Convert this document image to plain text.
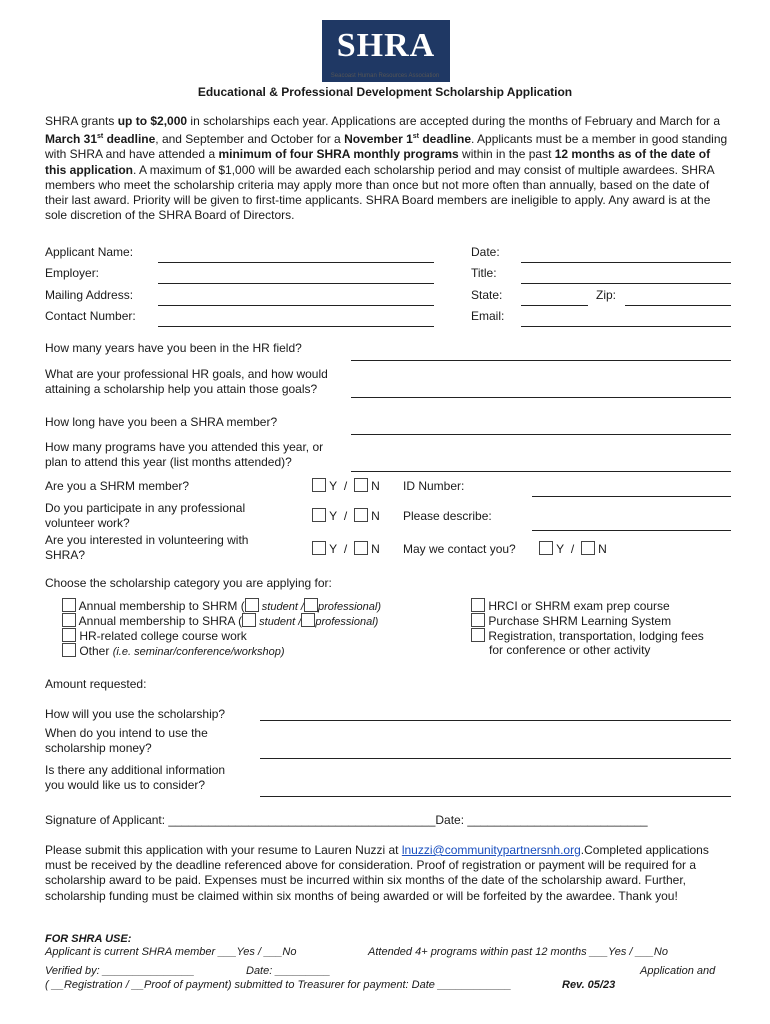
SHRA
Seacoast Human Resources Association
Educational & Professional Development Scholarship Application
SHRA grants up to $2,000 in scholarships each year. Applications are accepted during the months of February and March for a March 31st deadline, and September and October for a November 1st deadline. Applicants must be a member in good standing with SHRA and have attended a minimum of four SHRA monthly programs within in the past 12 months as of the date of this application. A maximum of $1,000 will be awarded each scholarship period and may consist of multiple awardees. SHRA members who meet the scholarship criteria may apply more than once but not more often than annually, based on the date of their last award. Priority will be given to first-time applicants. SHRA Board members are ineligible to apply. Any award is at the sole discretion of the SHRA Board of Directors.
Applicant Name:	Date:
Employer:	Title:
Mailing Address:	State:	Zip:
Contact Number:	Email:
How many years have you been in the HR field?
What are your professional HR goals, and how would
attaining a scholarship help you attain those goals?
How long have you been a SHRA member?
How many programs have you attended this year, or
plan to attend this year (list months attended)?
Are you a SHRM member?	Y / N ID Number:
Do you participate in any professional
volunteer work?	Y / N Please describe:
Are you interested in volunteering with
SHRA?	Y / N May we contact you?	Y / N
Choose the scholarship category you are applying for:
Annual membership to SHRM ( student / professional)
Annual membership to SHRA ( student / professional)
HR-related college course work
Other (i.e. seminar/conference/workshop)
HRCI or SHRM exam prep course
Purchase SHRM Learning System
Registration, transportation, lodging fees
for conference or other activity
Amount requested:
How will you use the scholarship?
When do you intend to use the
scholarship money?
Is there any additional information
you would like us to consider?
Signature of Applicant: ________________________________________Date: ___________________________
Please submit this application with your resume to Lauren Nuzzi at lnuzzi@communitypartnersnh.org.Completed applications must be received by the deadline referenced above for consideration. Proof of registration or payment will be required for a scholarship award to be paid. Expenses must be incurred within six months of the date of the scholarship award. Further, scholarship funding must be claimed within six months of being awarded or will be forfeited by the awardee. Thank you!
FOR SHRA USE:
Applicant is current SHRA member ___Yes / ___No	Attended 4+ programs within past 12 months ___Yes / ___No
Verified by: _______________	Date: _________	Application and
( __Registration / __Proof of payment) submitted to Treasurer for payment: Date ____________	Rev. 05/23
